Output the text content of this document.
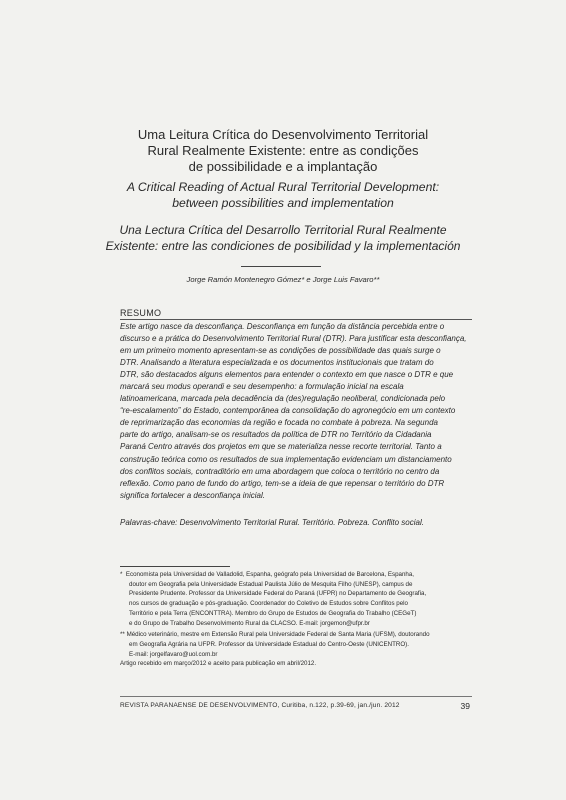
Uma Leitura Crítica do Desenvolvimento Territorial
Rural Realmente Existente: entre as condições
de possibilidade e a implantação
A Critical Reading of Actual Rural Territorial Development:
between possibilities and implementation
Una Lectura Crítica del Desarrollo Territorial Rural Realmente
Existente: entre las condiciones de posibilidad y la implementación
Jorge Ramón Montenegro Gómez* e Jorge Luis Favaro**
RESUMO
Este artigo nasce da desconfiança. Desconfiança em função da distância percebida entre o
discurso e a prática do Desenvolvimento Territorial Rural (DTR). Para justificar esta desconfiança,
em um primeiro momento apresentam-se as condições de possibilidade das quais surge o
DTR. Analisando a literatura especializada e os documentos institucionais que tratam do
DTR, são destacados alguns elementos para entender o contexto em que nasce o DTR e que
marcará seu modus operandi e seu desempenho: a formulação inicial na escala
latinoamericana, marcada pela decadência da (des)regulação neoliberal, condicionada pelo
“re-escalamento” do Estado, contemporânea da consolidação do agronegócio em um contexto
de reprimarização das economias da região e focada no combate à pobreza. Na segunda
parte do artigo, analisam-se os resultados da política de DTR no Território da Cidadania
Paraná Centro através dos projetos em que se materializa nesse recorte territorial. Tanto a
construção teórica como os resultados de sua implementação evidenciam um distanciamento
dos conflitos sociais, contraditório em uma abordagem que coloca o território no centro da
reflexão. Como pano de fundo do artigo, tem-se a ideia de que repensar o território do DTR
significa fortalecer a desconfiança inicial.
Palavras-chave: Desenvolvimento Territorial Rural. Território. Pobreza. Conflito social.
* Economista pela Universidad de Valladolid, Espanha, geógrafo pela Universidad de Barcelona, Espanha,
doutor em Geografia pela Universidade Estadual Paulista Júlio de Mesquita Filho (UNESP), campus de
Presidente Prudente. Professor da Universidade Federal do Paraná (UFPR) no Departamento de Geografia,
nos cursos de graduação e pós-graduação. Coordenador do Coletivo de Estudos sobre Conflitos pelo
Território e pela Terra (ENCONTTRA). Membro do Grupo de Estudos de Geografia do Trabalho (CEGeT)
e do Grupo de Trabalho Desenvolvimento Rural da CLACSO. E-mail: jorgemon@ufpr.br
** Médico veterinário, mestre em Extensão Rural pela Universidade Federal de Santa Maria (UFSM), doutorando
em Geografia Agrária na UFPR. Professor da Universidade Estadual do Centro-Oeste (UNICENTRO).
E-mail: jorgelfavaro@uol.com.br
Artigo recebido em março/2012 e aceito para publicação em abril/2012.
REVISTA PARANAENSE DE DESENVOLVIMENTO, Curitiba, n.122, p.39-69, jan./jun. 2012	39
